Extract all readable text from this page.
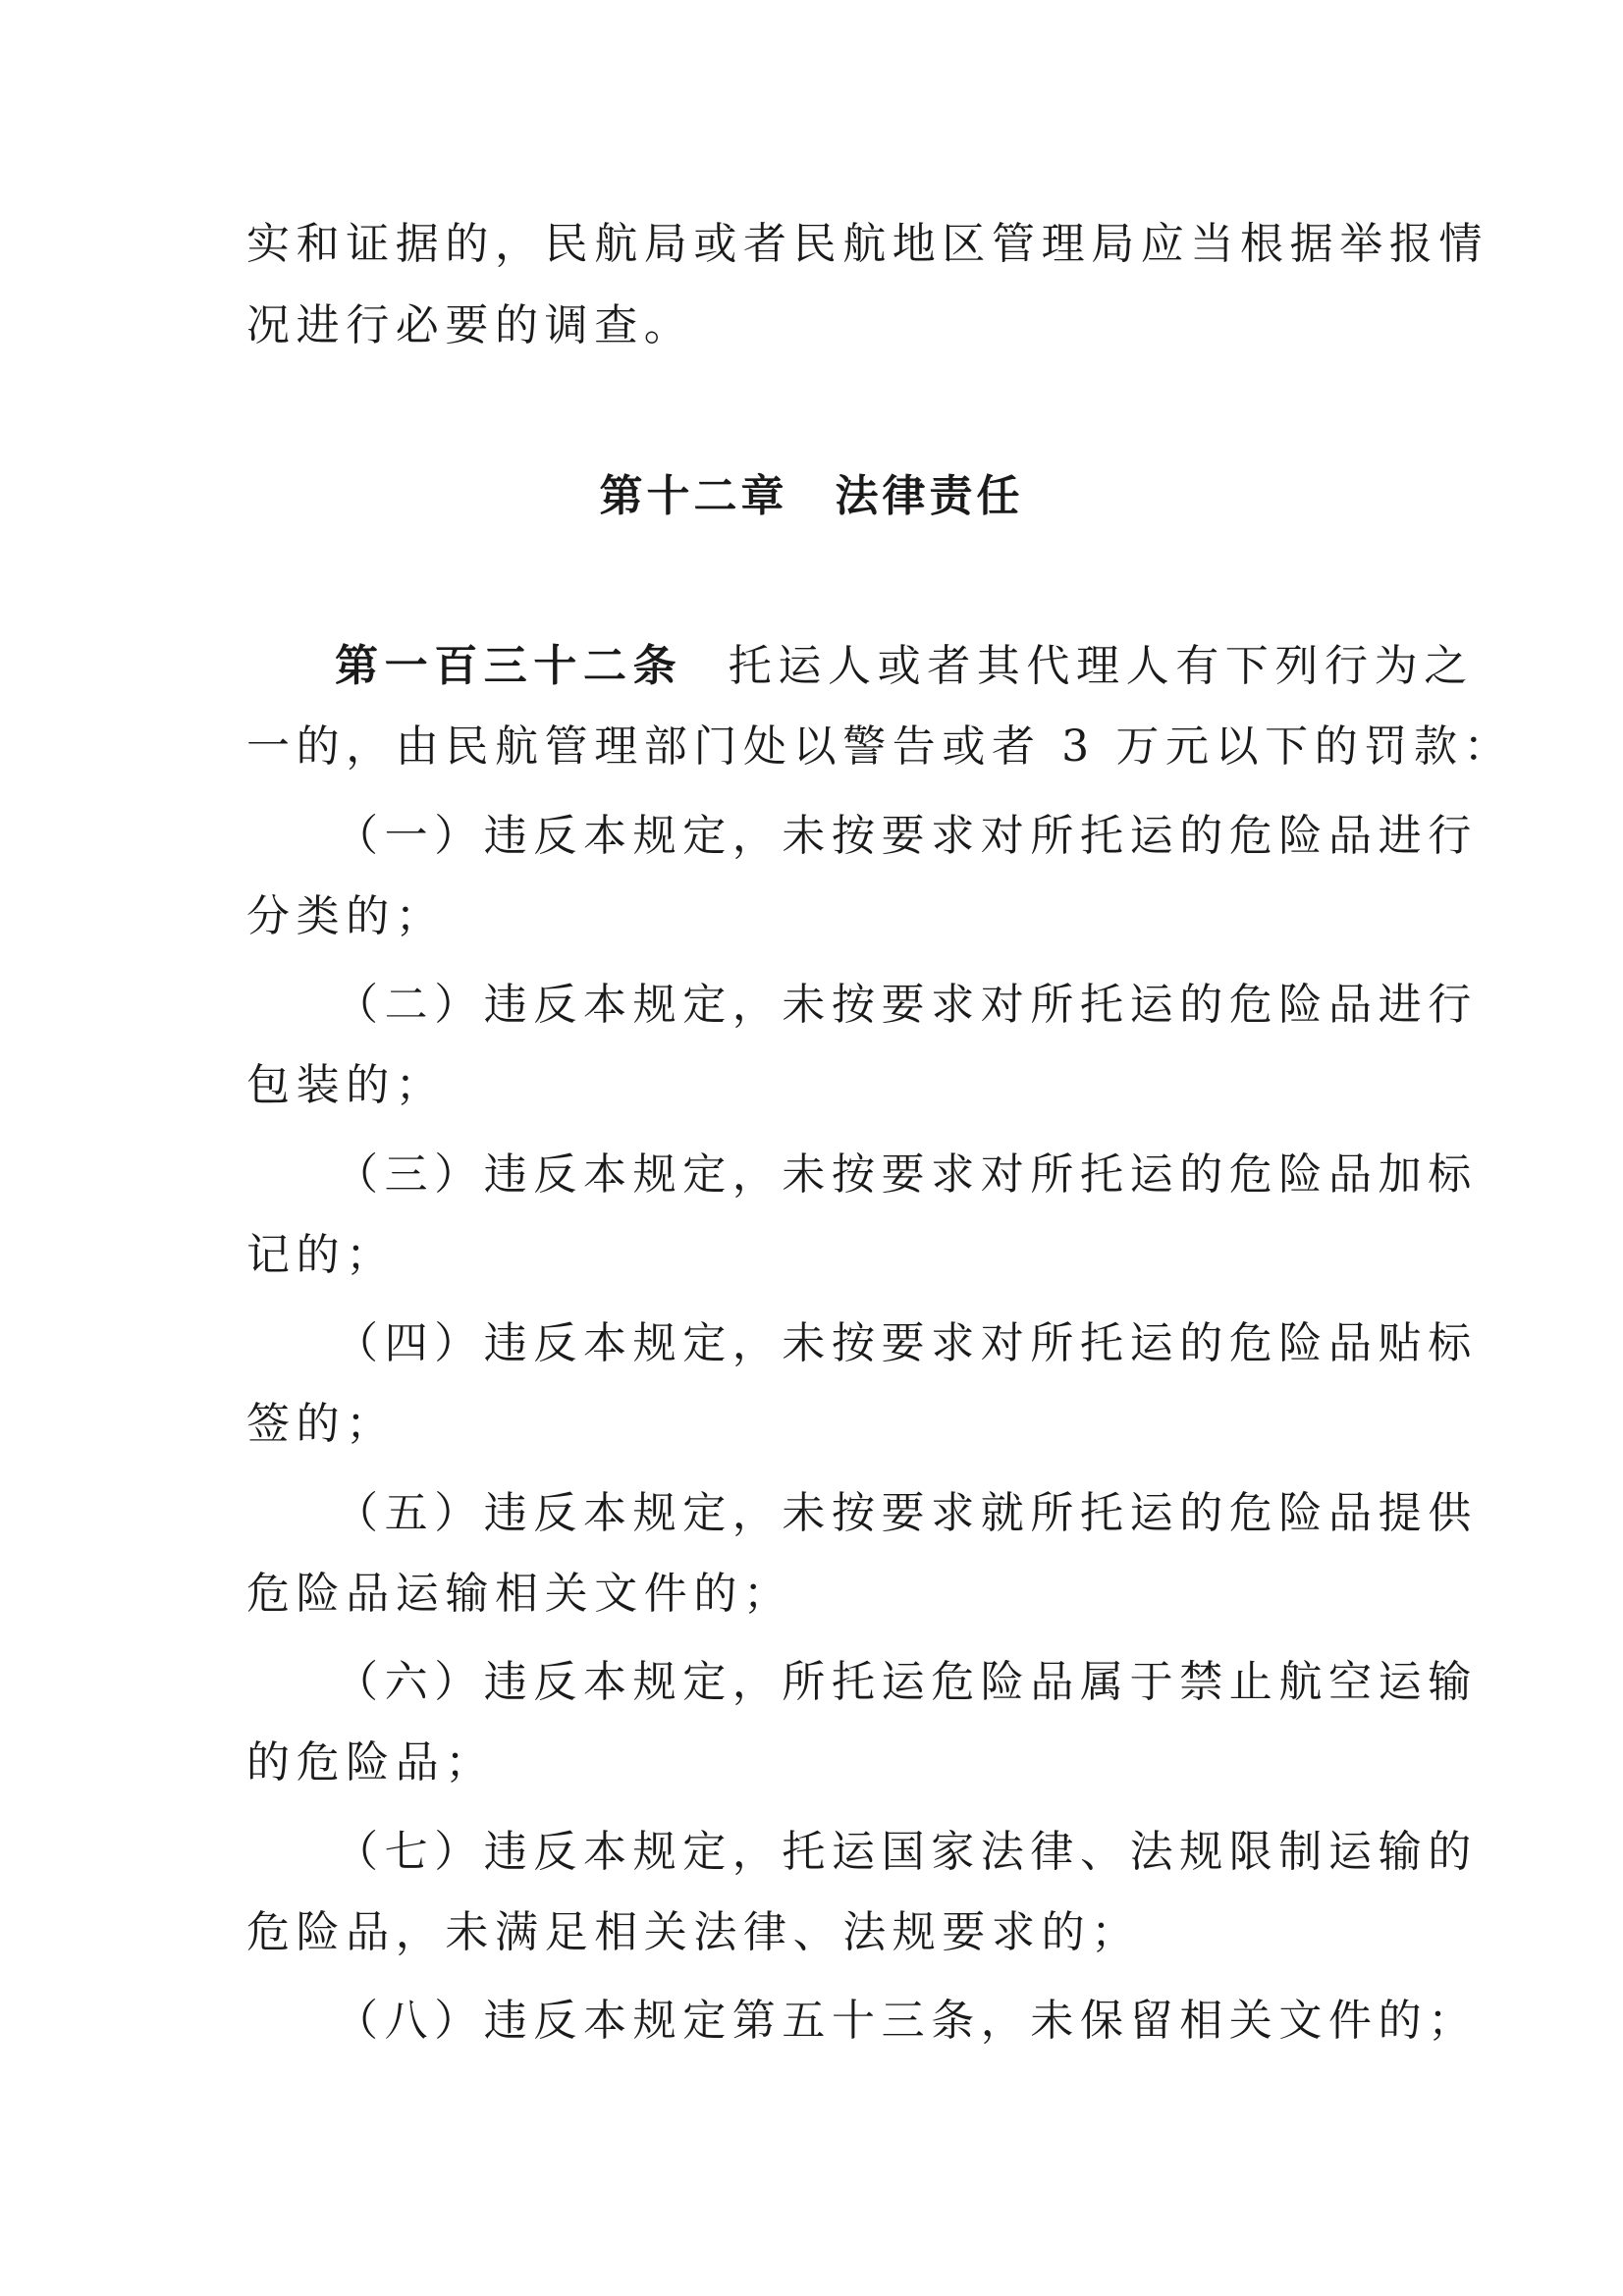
实和证据的，民航局或者民航地区管理局应当根据举报情
况进行必要的调查。
第十二章　法律责任
第一百三十二条 托运人或者其代理人有下列行为之
一的，由民航管理部门处以警告或者 3 万元以下的罚款：
（一）违反本规定，未按要求对所托运的危险品进行
分类的；
（二）违反本规定，未按要求对所托运的危险品进行
包装的；
（三）违反本规定，未按要求对所托运的危险品加标
记的；
（四）违反本规定，未按要求对所托运的危险品贴标
签的；
（五）违反本规定，未按要求就所托运的危险品提供
危险品运输相关文件的；
（六）违反本规定，所托运危险品属于禁止航空运输
的危险品；
（七）违反本规定，托运国家法律、法规限制运输的
危险品，未满足相关法律、法规要求的；
（八）违反本规定第五十三条，未保留相关文件的；
